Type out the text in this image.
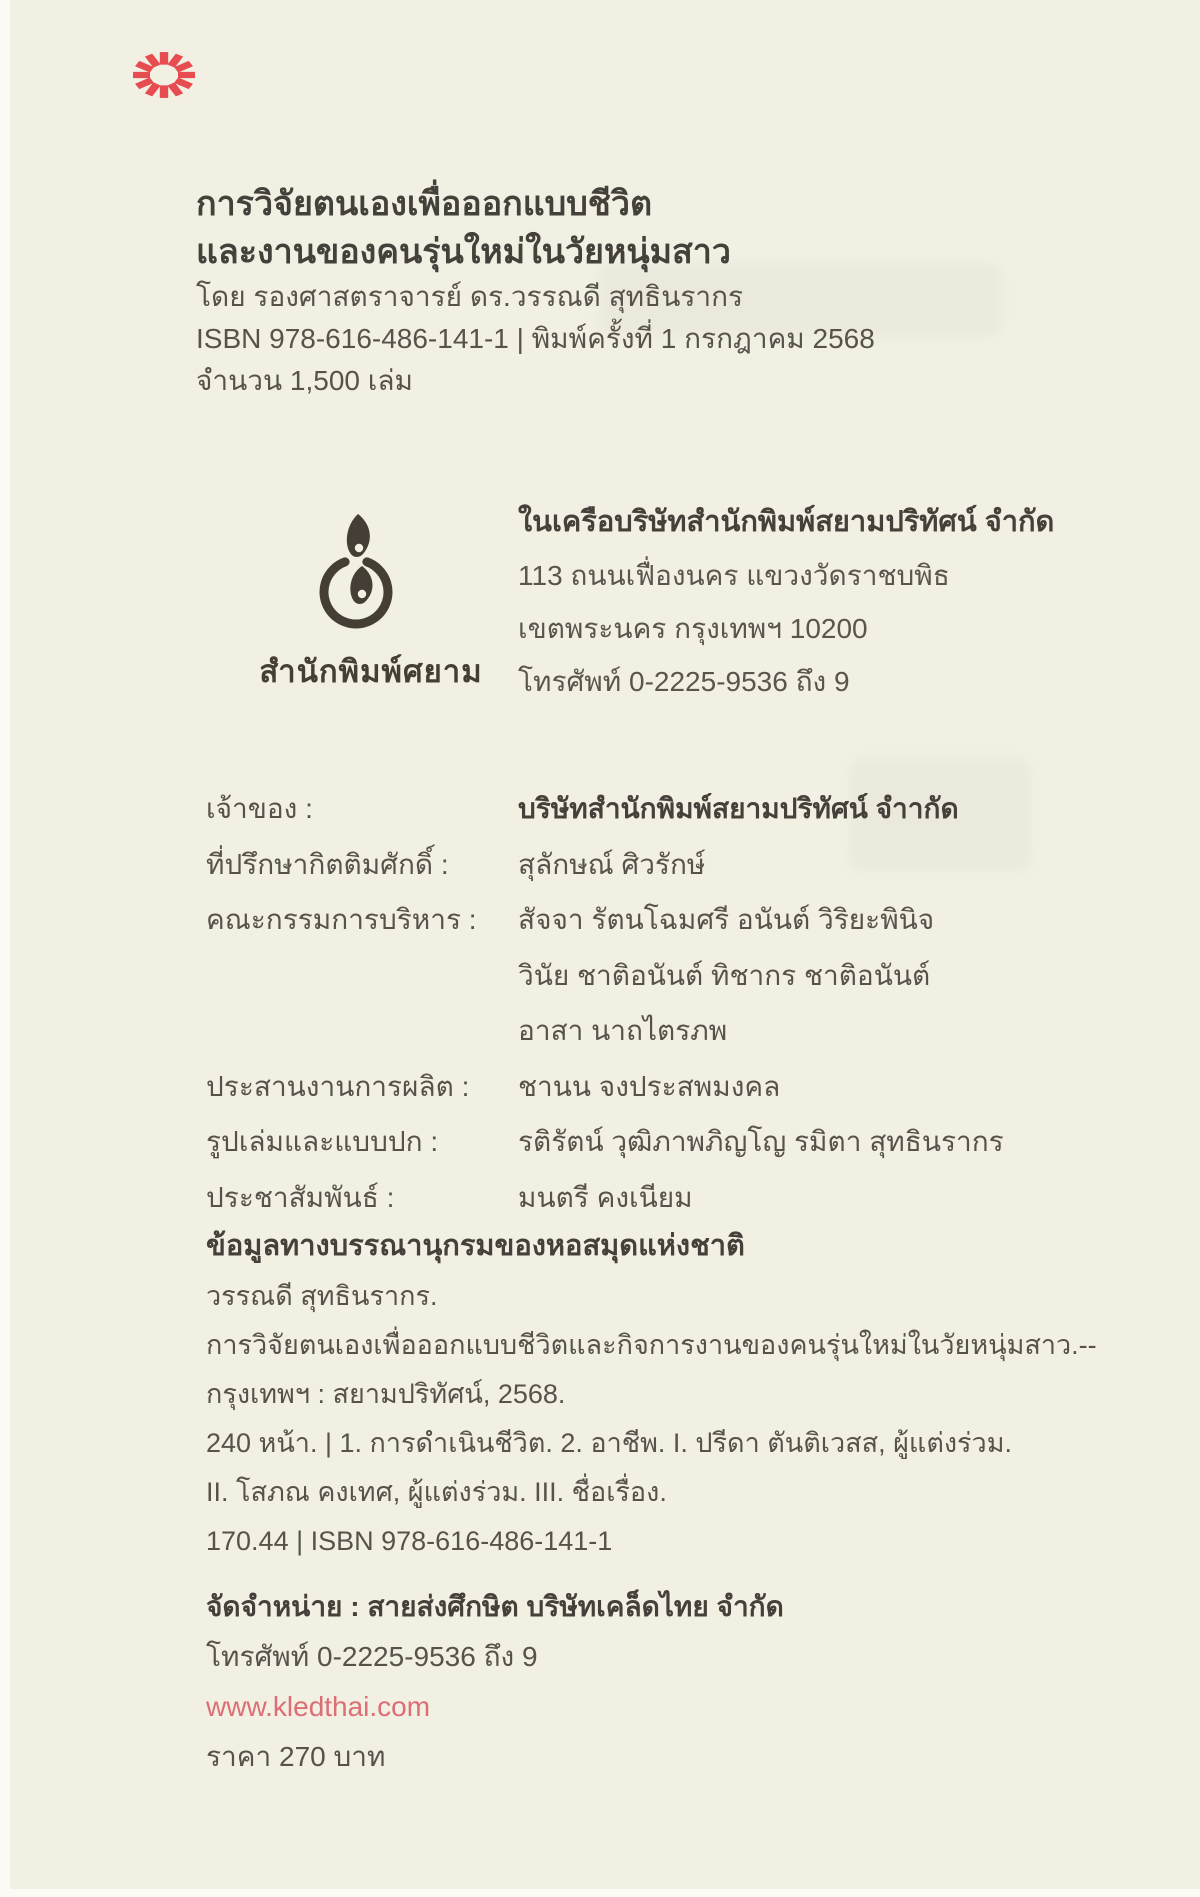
การวิจัยตนเองเพื่อออกแบบชีวิต
และงานของคนรุ่นใหม่ในวัยหนุ่มสาว
โดย รองศาสตราจารย์ ดร.วรรณดี สุทธินรากร
ISBN 978-616-486-141-1 | พิมพ์ครั้งที่ 1 กรกฎาคม 2568
จำนวน 1,500 เล่ม
สำนักพิมพ์ศยาม
ในเครือบริษัทสำนักพิมพ์สยามปริทัศน์ จำกัด
113 ถนนเฟื่องนคร แขวงวัดราชบพิธ
เขตพระนคร กรุงเทพฯ 10200
โทรศัพท์ 0-2225-9536 ถึง 9
เจ้าของ :	บริษัทสำนักพิมพ์สยามปริทัศน์ จำากัด
ที่ปรึกษากิตติมศักดิ์ :	สุลักษณ์ ศิวรักษ์
คณะกรรมการบริหาร :	สัจจา รัตนโฉมศรี อนันต์ วิริยะพินิจ
วินัย ชาติอนันต์ ทิชากร ชาติอนันต์
อาสา นาถไตรภพ
ประสานงานการผลิต :	ชานน จงประสพมงคล
รูปเล่มและแบบปก :	รติรัตน์ วุฒิภาพภิญโญ รมิตา สุทธินรากร
ประชาสัมพันธ์ :	มนตรี คงเนียม
ข้อมูลทางบรรณานุกรมของหอสมุดแห่งชาติ
วรรณดี สุทธินรากร.
การวิจัยตนเองเพื่อออกแบบชีวิตและกิจการงานของคนรุ่นใหม่ในวัยหนุ่มสาว.--
กรุงเทพฯ : สยามปริทัศน์, 2568.
240 หน้า. | 1. การดำเนินชีวิต. 2. อาชีพ. I. ปรีดา ตันติเวสส, ผู้แต่งร่วม.
II. โสภณ คงเทศ, ผู้แต่งร่วม. III. ชื่อเรื่อง.
170.44 | ISBN 978-616-486-141-1
จัดจำหน่าย : สายส่งศึกษิต บริษัทเคล็ดไทย จำกัด
โทรศัพท์ 0-2225-9536 ถึง 9
www.kledthai.com
ราคา 270 บาท
